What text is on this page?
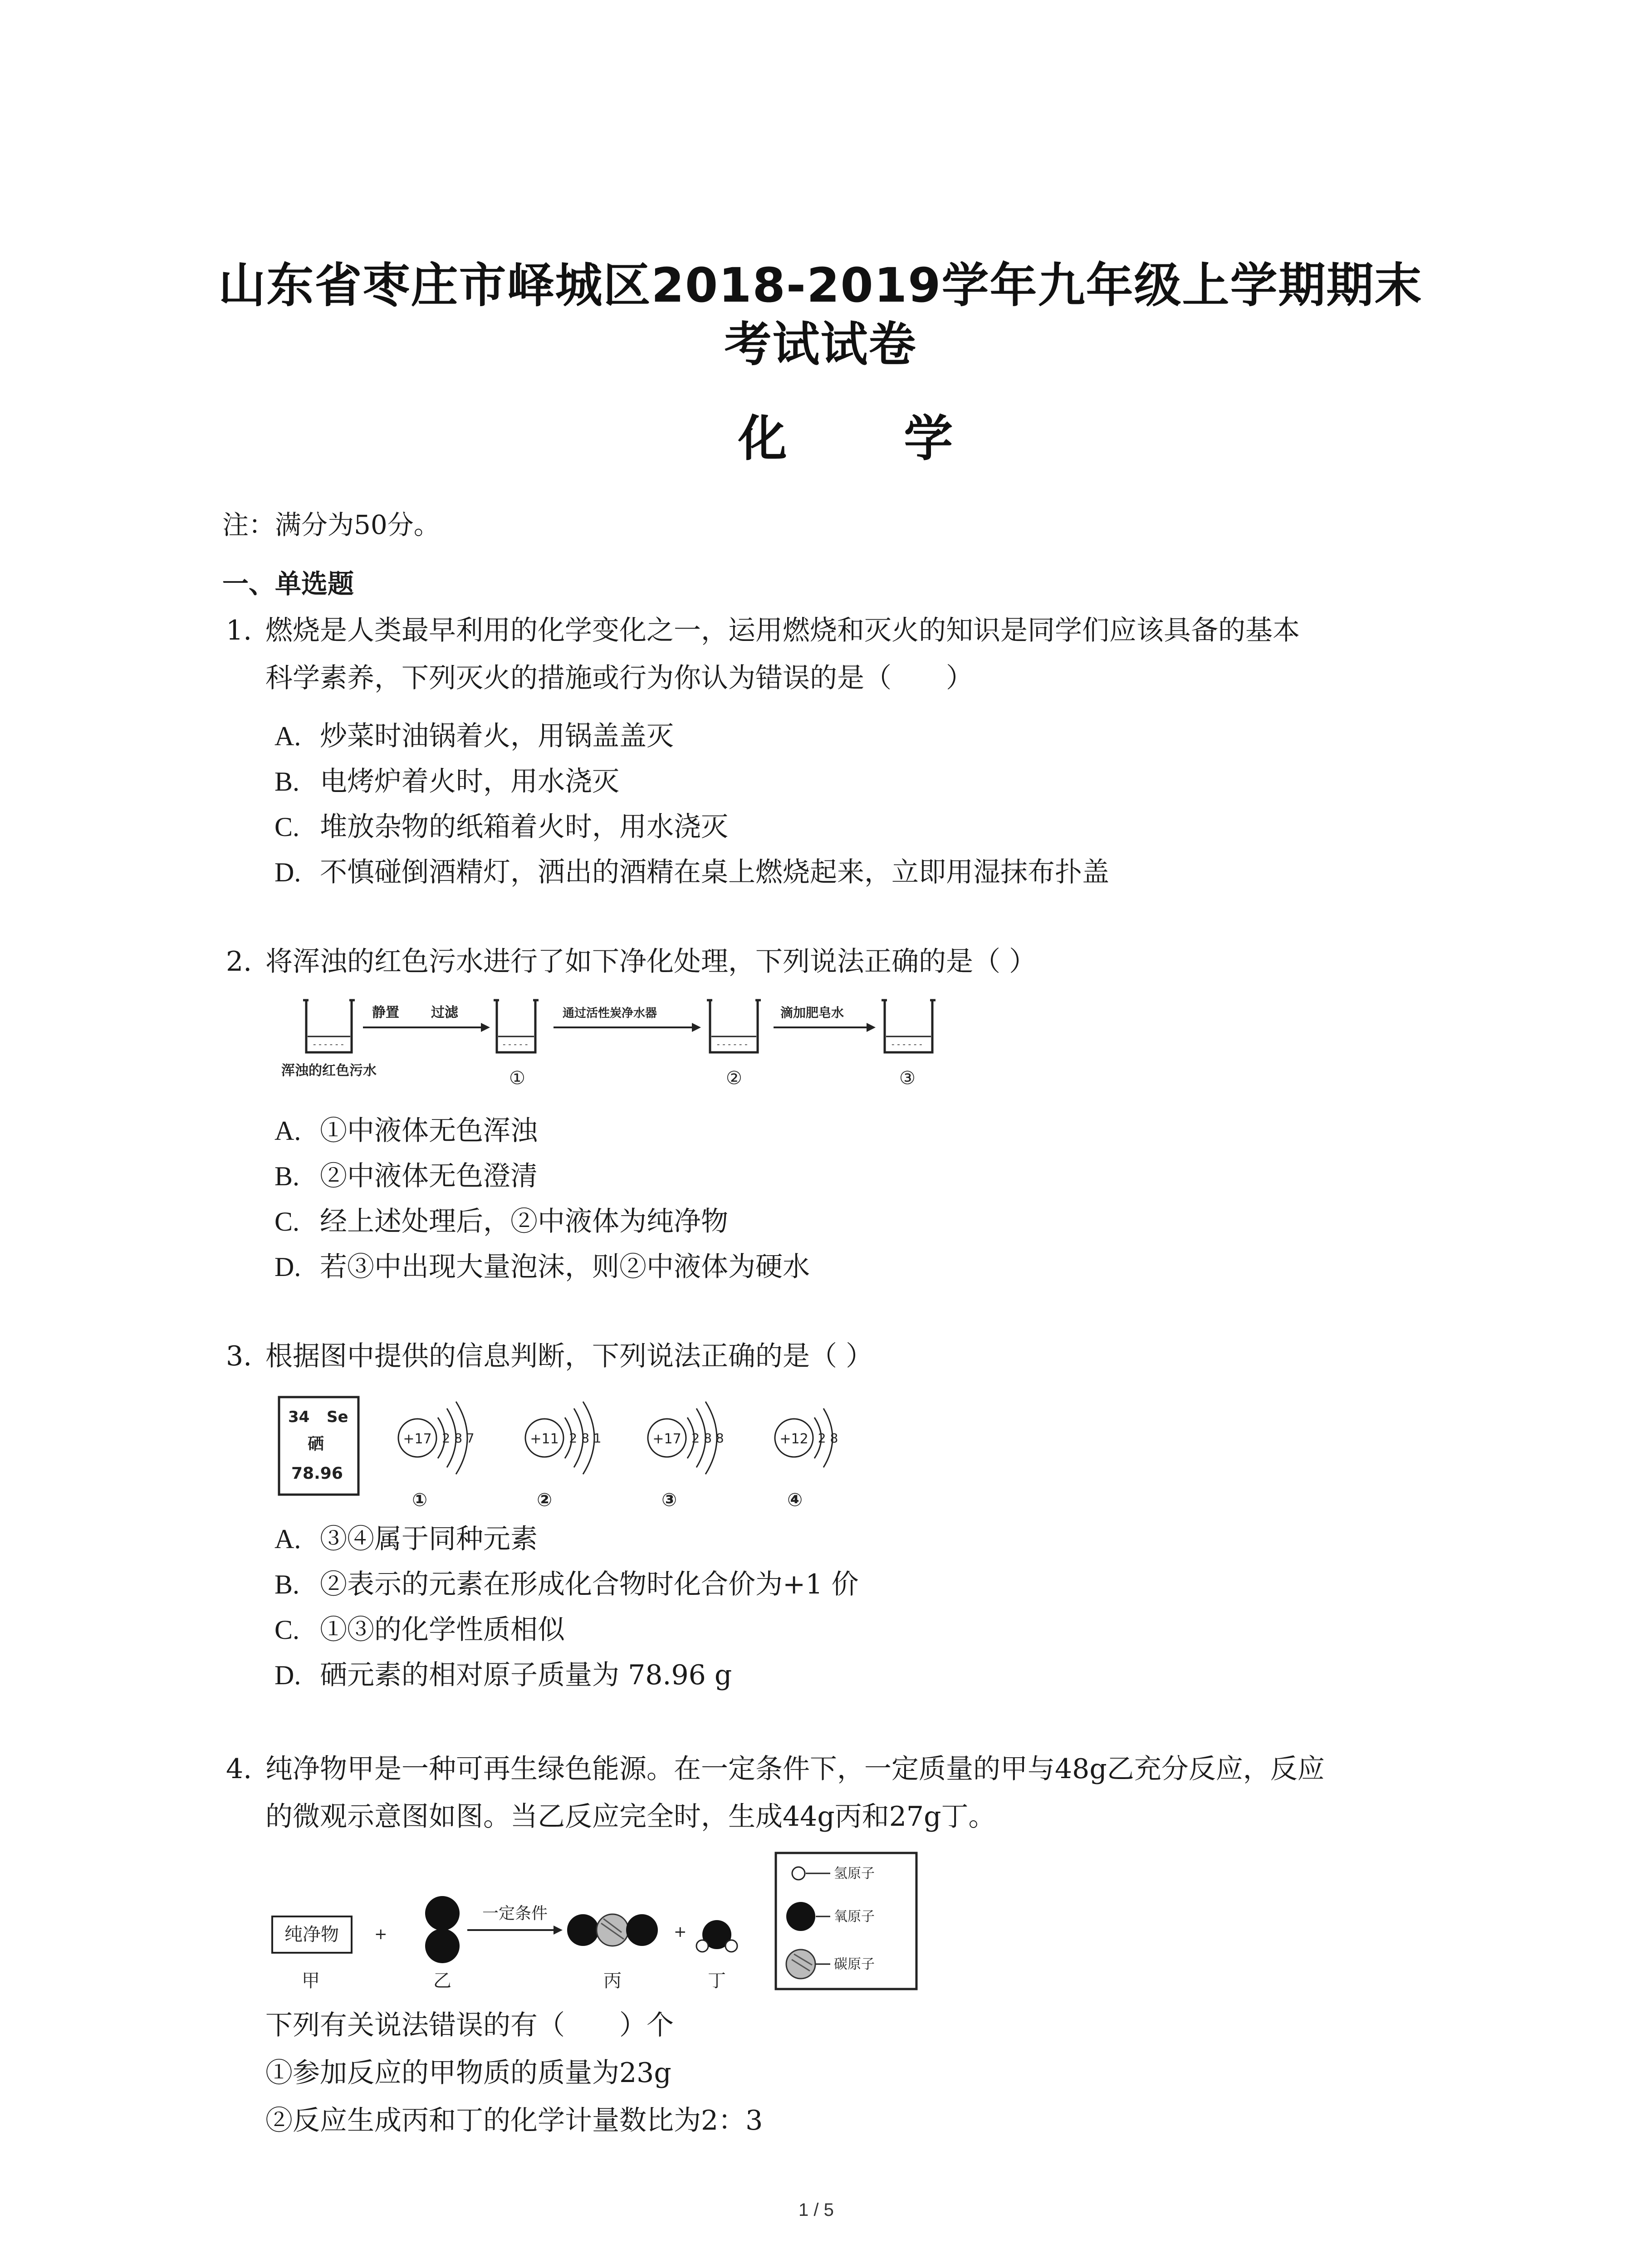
山东省枣庄市峄城区2018-2019学年九年级上学期期末
考试试卷
化 学
注：满分为50分。
一、单选题
1. 燃烧是人类最早利用的化学变化之一，运用燃烧和灭火的知识是同学们应该具备的基本
科学素养，下列灭火的措施或行为你认为错误的是（　　）
A. 炒菜时油锅着火，用锅盖盖灭
B. 电烤炉着火时，用水浇灭
C. 堆放杂物的纸箱着火时，用水浇灭
D. 不慎碰倒酒精灯，洒出的酒精在桌上燃烧起来，立即用湿抹布扑盖
2. 将浑浊的红色污水进行了如下净化处理，下列说法正确的是（ ）
- - - - - -
浑浊的红色污水
静置 过滤
- - - - -
①
通过活性炭净水器
- - - - - -
②
滴加肥皂水
- - - - - -
③
A. ①中液体无色浑浊
B. ②中液体无色澄清
C. 经上述处理后，②中液体为纯净物
D. 若③中出现大量泡沫，则②中液体为硬水
3. 根据图中提供的信息判断，下列说法正确的是（ ）
34 Se
硒
78.96
+17 2 8 7
①
+11 2 8 1
②
+17 2 8 8
③
+12 2 8
④
A. ③④属于同种元素
B. ②表示的元素在形成化合物时化合价为+1 价
C. ①③的化学性质相似
D. 硒元素的相对原子质量为 78.96 g
4. 纯净物甲是一种可再生绿色能源。在一定条件下，一定质量的甲与48g乙充分反应，反应
的微观示意图如图。当乙反应完全时，生成44g丙和27g丁。
纯净物 +
一定条件
+
甲	乙	丙	丁
氢原子
氧原子
碳原子
下列有关说法错误的有（　　）个
①参加反应的甲物质的质量为23g
②反应生成丙和丁的化学计量数比为2：3
1 / 5
